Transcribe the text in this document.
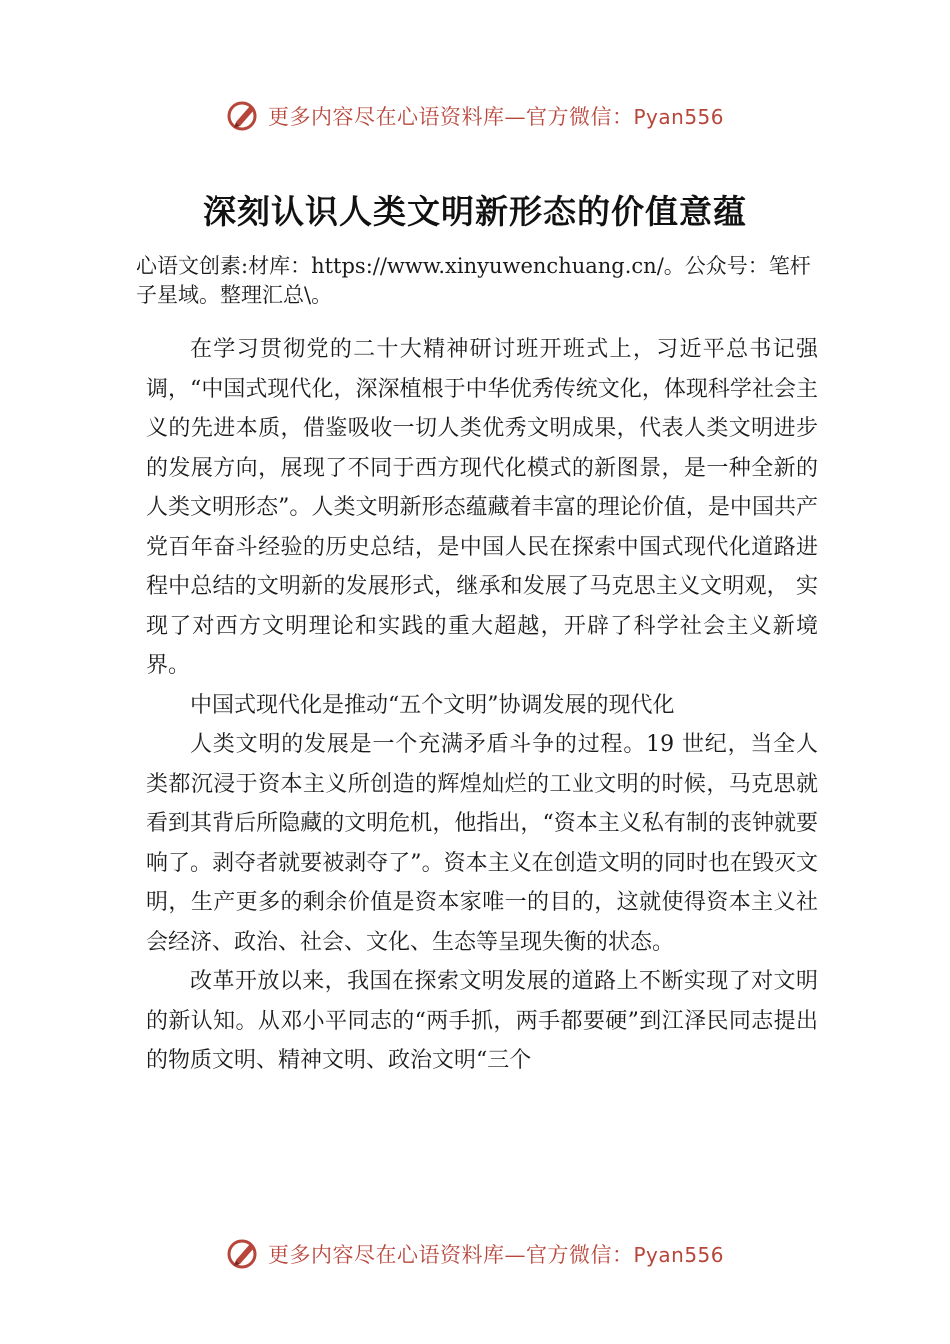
更多内容尽在心语资料库—官方微信：Pyan556
深刻认识人类文明新形态的价值意蕴
心语文创素:材库：https://www.xinyuwenchuang.cn/。公众号：笔杆子星域。整理汇总\。

在学习贯彻党的二十大精神研讨班开班式上，习近平总书记强调，“中国式现代化，深深植根于中华优秀传统文化，体现科学社会主义的先进本质，借鉴吸收一切人类优秀文明成果，代表人类文明进步的发展方向，展现了不同于西方现代化模式的新图景，是一种全新的人类文明形态”。人类文明新形态蕴藏着丰富的理论价值，是中国共产党百年奋斗经验的历史总结，是中国人民在探索中国式现代化道路进程中总结的文明新的发展形式，继承和发展了马克思主义文明观， 实现了对西方文明理论和实践的重大超越，开辟了科学社会主义新境界。

中国式现代化是推动“五个文明”协调发展的现代化

人类文明的发展是一个充满矛盾斗争的过程。19 世纪，当全人类都沉浸于资本主义所创造的辉煌灿烂的工业文明的时候，马克思就看到其背后所隐藏的文明危机，他指出，“资本主义私有制的丧钟就要响了。剥夺者就要被剥夺了”。资本主义在创造文明的同时也在毁灭文明，生产更多的剩余价值是资本家唯一的目的，这就使得资本主义社会经济、政治、社会、文化、生态等呈现失衡的状态。

改革开放以来，我国在探索文明发展的道路上不断实现了对文明的新认知。从邓小平同志的“两手抓，两手都要硬”到江泽民同志提出的物质文明、精神文明、政治文明“三个

更多内容尽在心语资料库—官方微信：Pyan556
